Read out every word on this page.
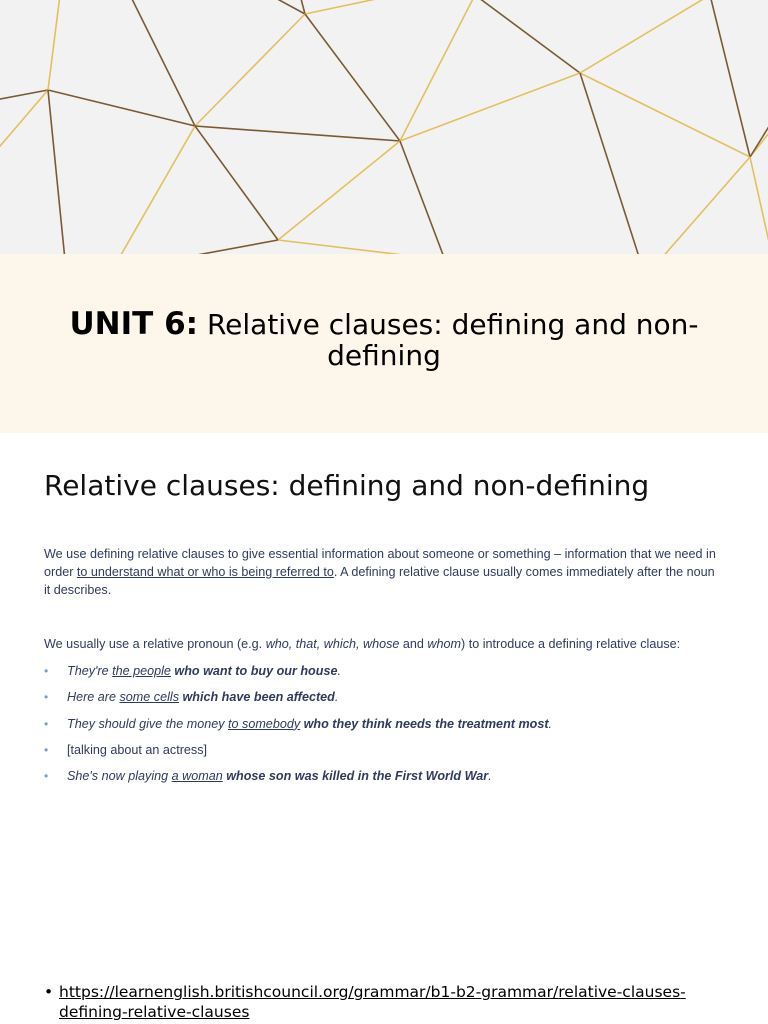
UNIT 6: Relative clauses: defining and non-defining
Relative clauses: defining and non-defining

We use defining relative clauses to give essential information about someone or something – information that we need in order to understand what or who is being referred to. A defining relative clause usually comes immediately after the noun it describes.

We usually use a relative pronoun (e.g. who, that, which, whose and whom) to introduce a defining relative clause:

• They're the people who want to buy our house.
• Here are some cells which have been affected.
• They should give the money to somebody who they think needs the treatment most.
• [talking about an actress]
• She's now playing a woman whose son was killed in the First World War.
• https://learnenglish.britishcouncil.org/grammar/b1-b2-grammar/relative-clauses-defining-relative-clauses
